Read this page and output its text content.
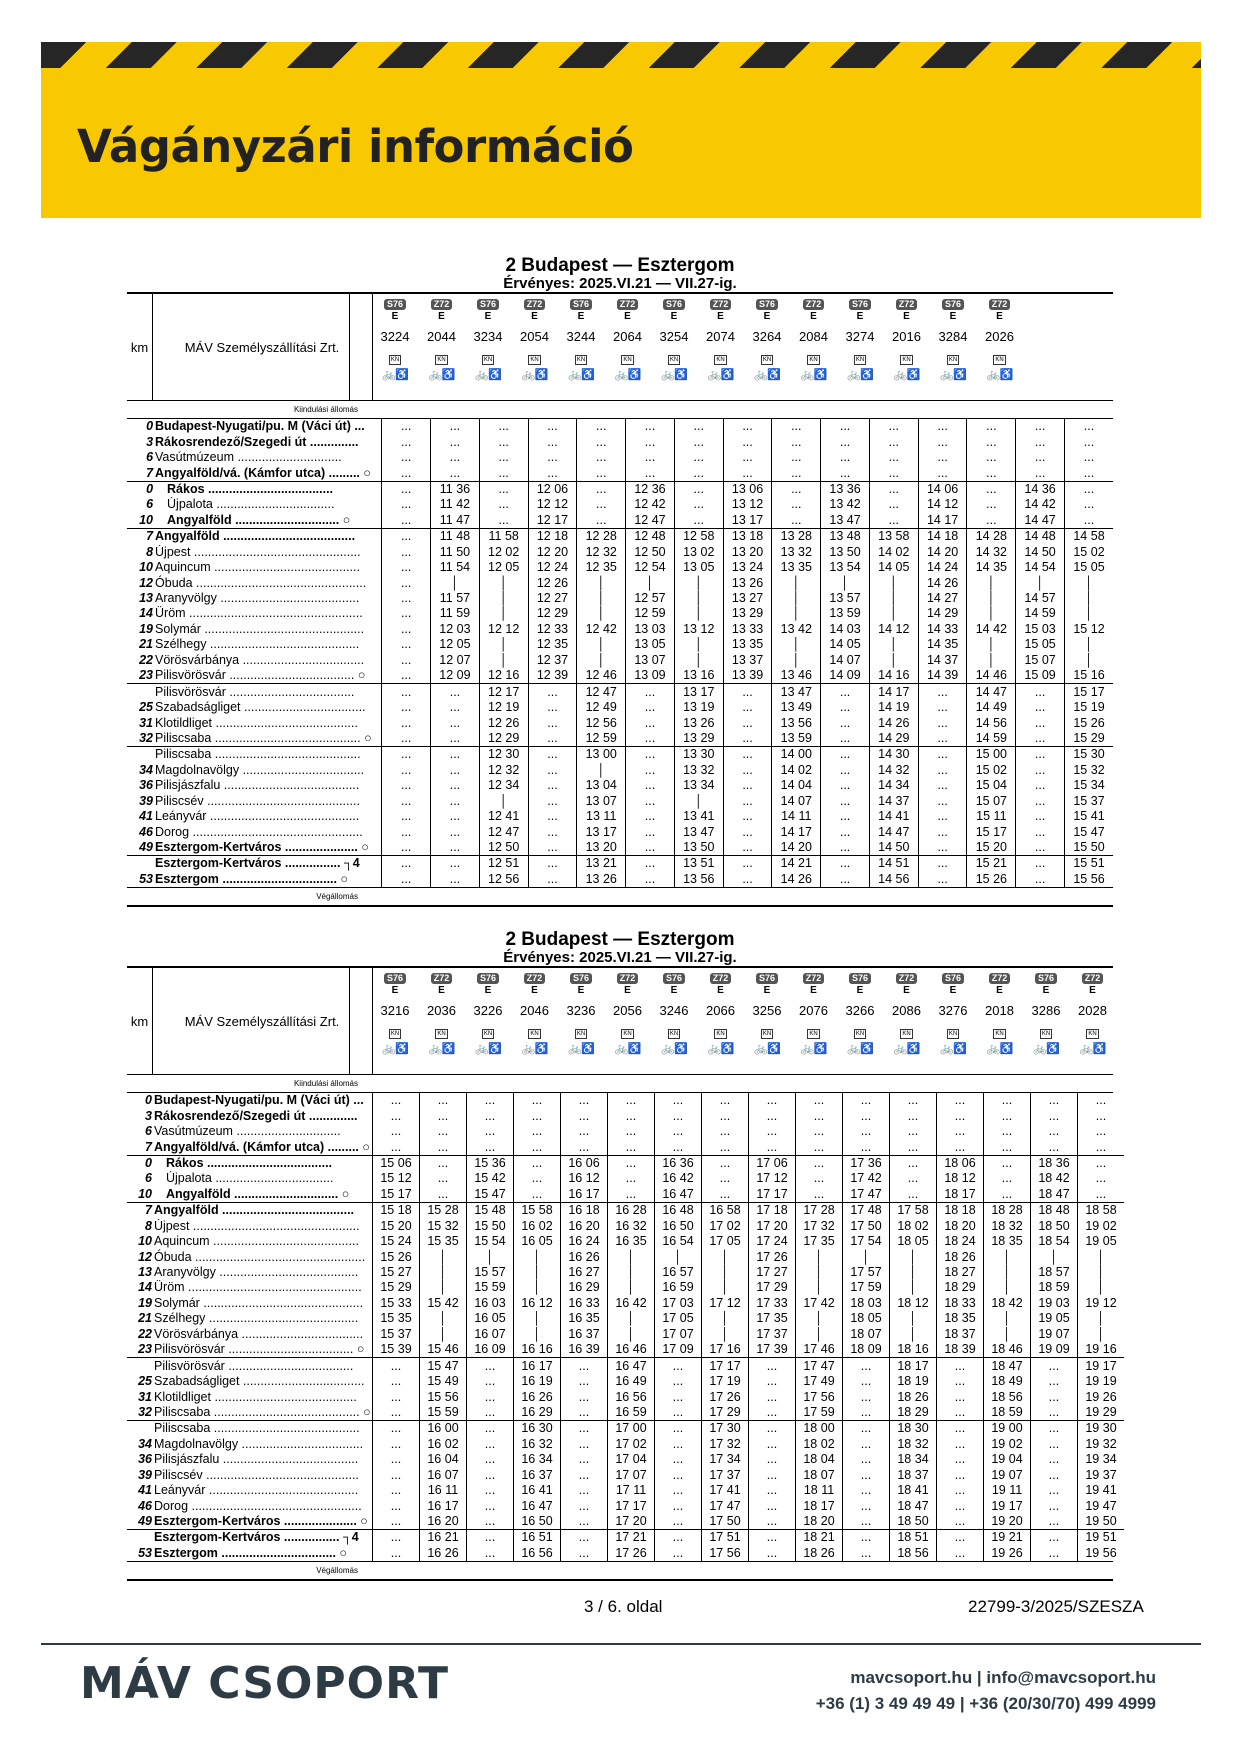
Vágányzári információ
2 Budapest — Esztergom
Érvényes: 2025.VI.21 — VII.27-ig.
km	MÁV Személyszállítási Zrt.
S76
E
3224
KN
🚲♿
Z72
E
2044
KN
🚲♿
S76
E
3234
KN
🚲♿
Z72
E
2054
KN
🚲♿
S76
E
3244
KN
🚲♿
Z72
E
2064
KN
🚲♿
S76
E
3254
KN
🚲♿
Z72
E
2074
KN
🚲♿
S76
E
3264
KN
🚲♿
Z72
E
2084
KN
🚲♿
S76
E
3274
KN
🚲♿
Z72
E
2016
KN
🚲♿
S76
E
3284
KN
🚲♿
Z72
E
2026
KN
🚲♿
Kiindulási állomás
0	Budapest-Nyugati/pu. M (Váci út) ...	...	...	...	...	...	...	...	...	...	...	...	...	...	...	...
3	Rákosrendező/Szegedi út ..............	...	...	...	...	...	...	...	...	...	...	...	...	...	...	...
6	Vasútmúzeum ..............................	...	...	...	...	...	...	...	...	...	...	...	...	...	...	...
7	Angyalföld/vá. (Kámfor utca) ......... ○	...	...	...	...	...	...	...	...	...	...	...	...	...	...	...
0	Rákos ....................................	...	11 36	...	12 06	...	12 36	...	13 06	...	13 36	...	14 06	...	14 36	...
6	Újpalota ..................................	...	11 42	...	12 12	...	12 42	...	13 12	...	13 42	...	14 12	...	14 42	...
10	Angyalföld .............................. ○	...	11 47	...	12 17	...	12 47	...	13 17	...	13 47	...	14 17	...	14 47	...
7	Angyalföld ......................................	...	11 48	11 58	12 18	12 28	12 48	12 58	13 18	13 28	13 48	13 58	14 18	14 28	14 48	14 58
8	Újpest ................................................	...	11 50	12 02	12 20	12 32	12 50	13 02	13 20	13 32	13 50	14 02	14 20	14 32	14 50	15 02
10	Aquincum ..........................................	...	11 54	12 05	12 24	12 35	12 54	13 05	13 24	13 35	13 54	14 05	14 24	14 35	14 54	15 05
12	Óbuda .................................................	...	│	│	12 26	│	│	│	13 26	│	│	│	14 26	│	│	│
13	Aranyvölgy ........................................	...	11 57	│	12 27	│	12 57	│	13 27	│	13 57	│	14 27	│	14 57	│
14	Üröm ..................................................	...	11 59	│	12 29	│	12 59	│	13 29	│	13 59	│	14 29	│	14 59	│
19	Solymár ..............................................	...	12 03	12 12	12 33	12 42	13 03	13 12	13 33	13 42	14 03	14 12	14 33	14 42	15 03	15 12
21	Szélhegy ...........................................	...	12 05	│	12 35	│	13 05	│	13 35	│	14 05	│	14 35	│	15 05	│
22	Vörösvárbánya ...................................	...	12 07	│	12 37	│	13 07	│	13 37	│	14 07	│	14 37	│	15 07	│
23	Pilisvörösvár .................................... ○	...	12 09	12 16	12 39	12 46	13 09	13 16	13 39	13 46	14 09	14 16	14 39	14 46	15 09	15 16
	Pilisvörösvár ....................................	...	...	12 17	...	12 47	...	13 17	...	13 47	...	14 17	...	14 47	...	15 17
25	Szabadságliget ...................................	...	...	12 19	...	12 49	...	13 19	...	13 49	...	14 19	...	14 49	...	15 19
31	Klotildliget .........................................	...	...	12 26	...	12 56	...	13 26	...	13 56	...	14 26	...	14 56	...	15 26
32	Piliscsaba .......................................... ○	...	...	12 29	...	12 59	...	13 29	...	13 59	...	14 29	...	14 59	...	15 29
	Piliscsaba ..........................................	...	...	12 30	...	13 00	...	13 30	...	14 00	...	14 30	...	15 00	...	15 30
34	Magdolnavölgy ...................................	...	...	12 32	...	│	...	13 32	...	14 02	...	14 32	...	15 02	...	15 32
36	Pilisjászfalu .......................................	...	...	12 34	...	13 04	...	13 34	...	14 04	...	14 34	...	15 04	...	15 34
39	Piliscsév ............................................	...	...	│	...	13 07	...	│	...	14 07	...	14 37	...	15 07	...	15 37
41	Leányvár ...........................................	...	...	12 41	...	13 11	...	13 41	...	14 11	...	14 41	...	15 11	...	15 41
46	Dorog .................................................	...	...	12 47	...	13 17	...	13 47	...	14 17	...	14 47	...	15 17	...	15 47
49	Esztergom-Kertváros ..................... ○	...	...	12 50	...	13 20	...	13 50	...	14 20	...	14 50	...	15 20	...	15 50
	Esztergom-Kertváros ................ ┐4	...	...	12 51	...	13 21	...	13 51	...	14 21	...	14 51	...	15 21	...	15 51
53	Esztergom ................................. ○	...	...	12 56	...	13 26	...	13 56	...	14 26	...	14 56	...	15 26	...	15 56
Végállomás
2 Budapest — Esztergom
Érvényes: 2025.VI.21 — VII.27-ig.
km	MÁV Személyszállítási Zrt.
S76
E
3216
KN
🚲♿
Z72
E
2036
KN
🚲♿
S76
E
3226
KN
🚲♿
Z72
E
2046
KN
🚲♿
S76
E
3236
KN
🚲♿
Z72
E
2056
KN
🚲♿
S76
E
3246
KN
🚲♿
Z72
E
2066
KN
🚲♿
S76
E
3256
KN
🚲♿
Z72
E
2076
KN
🚲♿
S76
E
3266
KN
🚲♿
Z72
E
2086
KN
🚲♿
S76
E
3276
KN
🚲♿
Z72
E
2018
KN
🚲♿
S76
E
3286
KN
🚲♿
Z72
E
2028
KN
🚲♿
Kiindulási állomás
0	Budapest-Nyugati/pu. M (Váci út) ...	...	...	...	...	...	...	...	...	...	...	...	...	...	...	...	...
3	Rákosrendező/Szegedi út ..............	...	...	...	...	...	...	...	...	...	...	...	...	...	...	...	...
6	Vasútmúzeum ..............................	...	...	...	...	...	...	...	...	...	...	...	...	...	...	...	...
7	Angyalföld/vá. (Kámfor utca) ......... ○	...	...	...	...	...	...	...	...	...	...	...	...	...	...	...	...
0	Rákos ....................................	15 06	...	15 36	...	16 06	...	16 36	...	17 06	...	17 36	...	18 06	...	18 36	...
6	Újpalota ..................................	15 12	...	15 42	...	16 12	...	16 42	...	17 12	...	17 42	...	18 12	...	18 42	...
10	Angyalföld .............................. ○	15 17	...	15 47	...	16 17	...	16 47	...	17 17	...	17 47	...	18 17	...	18 47	...
7	Angyalföld ......................................	15 18	15 28	15 48	15 58	16 18	16 28	16 48	16 58	17 18	17 28	17 48	17 58	18 18	18 28	18 48	18 58
8	Újpest ................................................	15 20	15 32	15 50	16 02	16 20	16 32	16 50	17 02	17 20	17 32	17 50	18 02	18 20	18 32	18 50	19 02
10	Aquincum ..........................................	15 24	15 35	15 54	16 05	16 24	16 35	16 54	17 05	17 24	17 35	17 54	18 05	18 24	18 35	18 54	19 05
12	Óbuda .................................................	15 26	│	│	│	16 26	│	│	│	17 26	│	│	│	18 26	│	│	│
13	Aranyvölgy ........................................	15 27	│	15 57	│	16 27	│	16 57	│	17 27	│	17 57	│	18 27	│	18 57	│
14	Üröm ..................................................	15 29	│	15 59	│	16 29	│	16 59	│	17 29	│	17 59	│	18 29	│	18 59	│
19	Solymár ..............................................	15 33	15 42	16 03	16 12	16 33	16 42	17 03	17 12	17 33	17 42	18 03	18 12	18 33	18 42	19 03	19 12
21	Szélhegy ...........................................	15 35	│	16 05	│	16 35	│	17 05	│	17 35	│	18 05	│	18 35	│	19 05	│
22	Vörösvárbánya ...................................	15 37	│	16 07	│	16 37	│	17 07	│	17 37	│	18 07	│	18 37	│	19 07	│
23	Pilisvörösvár .................................... ○	15 39	15 46	16 09	16 16	16 39	16 46	17 09	17 16	17 39	17 46	18 09	18 16	18 39	18 46	19 09	19 16
	Pilisvörösvár ....................................	...	15 47	...	16 17	...	16 47	...	17 17	...	17 47	...	18 17	...	18 47	...	19 17
25	Szabadságliget ...................................	...	15 49	...	16 19	...	16 49	...	17 19	...	17 49	...	18 19	...	18 49	...	19 19
31	Klotildliget .........................................	...	15 56	...	16 26	...	16 56	...	17 26	...	17 56	...	18 26	...	18 56	...	19 26
32	Piliscsaba .......................................... ○	...	15 59	...	16 29	...	16 59	...	17 29	...	17 59	...	18 29	...	18 59	...	19 29
	Piliscsaba ..........................................	...	16 00	...	16 30	...	17 00	...	17 30	...	18 00	...	18 30	...	19 00	...	19 30
34	Magdolnavölgy ...................................	...	16 02	...	16 32	...	17 02	...	17 32	...	18 02	...	18 32	...	19 02	...	19 32
36	Pilisjászfalu .......................................	...	16 04	...	16 34	...	17 04	...	17 34	...	18 04	...	18 34	...	19 04	...	19 34
39	Piliscsév ............................................	...	16 07	...	16 37	...	17 07	...	17 37	...	18 07	...	18 37	...	19 07	...	19 37
41	Leányvár ...........................................	...	16 11	...	16 41	...	17 11	...	17 41	...	18 11	...	18 41	...	19 11	...	19 41
46	Dorog .................................................	...	16 17	...	16 47	...	17 17	...	17 47	...	18 17	...	18 47	...	19 17	...	19 47
49	Esztergom-Kertváros ..................... ○	...	16 20	...	16 50	...	17 20	...	17 50	...	18 20	...	18 50	...	19 20	...	19 50
	Esztergom-Kertváros ................ ┐4	...	16 21	...	16 51	...	17 21	...	17 51	...	18 21	...	18 51	...	19 21	...	19 51
53	Esztergom ................................. ○	...	16 26	...	16 56	...	17 26	...	17 56	...	18 26	...	18 56	...	19 26	...	19 56
Végállomás
3 / 6. oldal	22799-3/2025/SZESZA
MÁV CSOPORT	mavcsoport.hu | info@mavcsoport.hu
+36 (1) 3 49 49 49 | +36 (20/30/70) 499 4999
